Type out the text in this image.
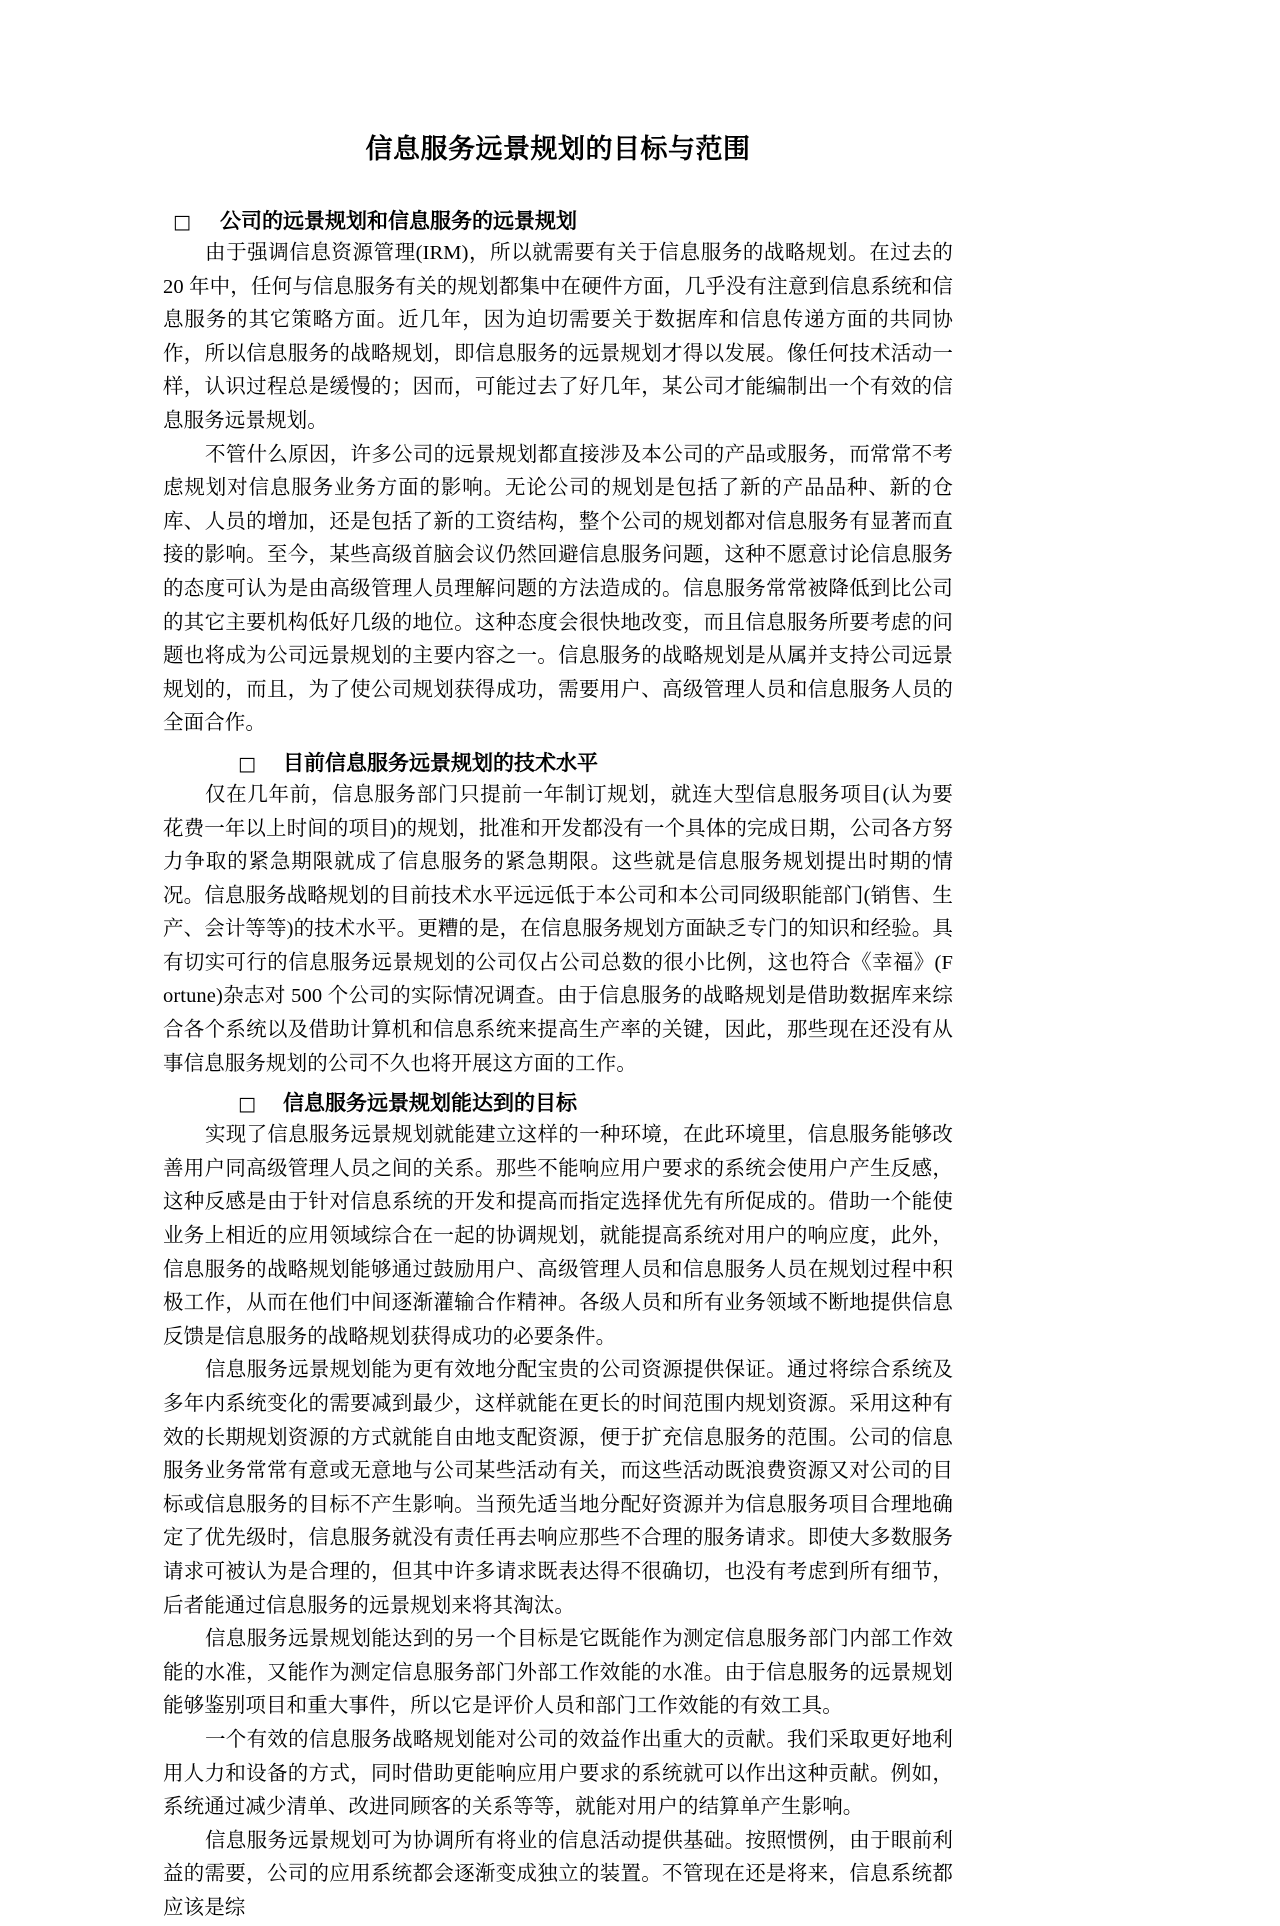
信息服务远景规划的目标与范围
□	公司的远景规划和信息服务的远景规划

由于强调信息资源管理(IRM)，所以就需要有关于信息服务的战略规划。在过去的 20 年中，任何与信息服务有关的规划都集中在硬件方面，几乎没有注意到信息系统和信息服务的其它策略方面。近几年，因为迫切需要关于数据库和信息传递方面的共同协作，所以信息服务的战略规划，即信息服务的远景规划才得以发展。像任何技术活动一样，认识过程总是缓慢的；因而，可能过去了好几年，某公司才能编制出一个有效的信息服务远景规划。

不管什么原因，许多公司的远景规划都直接涉及本公司的产品或服务，而常常不考虑规划对信息服务业务方面的影响。无论公司的规划是包括了新的产品品种、新的仓库、人员的增加，还是包括了新的工资结构，整个公司的规划都对信息服务有显著而直接的影响。至今，某些高级首脑会议仍然回避信息服务问题，这种不愿意讨论信息服务的态度可认为是由高级管理人员理解问题的方法造成的。信息服务常常被降低到比公司的其它主要机构低好几级的地位。这种态度会很快地改变，而且信息服务所要考虑的问题也将成为公司远景规划的主要内容之一。信息服务的战略规划是从属并支持公司远景规划的，而且，为了使公司规划获得成功，需要用户、高级管理人员和信息服务人员的全面合作。

□	目前信息服务远景规划的技术水平

仅在几年前，信息服务部门只提前一年制订规划，就连大型信息服务项目(认为要花费一年以上时间的项目)的规划，批准和开发都没有一个具体的完成日期，公司各方努力争取的紧急期限就成了信息服务的紧急期限。这些就是信息服务规划提出时期的情况。信息服务战略规划的目前技术水平远远低于本公司和本公司同级职能部门(销售、生产、会计等等)的技术水平。更糟的是，在信息服务规划方面缺乏专门的知识和经验。具有切实可行的信息服务远景规划的公司仅占公司总数的很小比例，这也符合《幸福》(Fortune)杂志对 500 个公司的实际情况调查。由于信息服务的战略规划是借助数据库来综合各个系统以及借助计算机和信息系统来提高生产率的关键，因此，那些现在还没有从事信息服务规划的公司不久也将开展这方面的工作。

□	信息服务远景规划能达到的目标

实现了信息服务远景规划就能建立这样的一种环境，在此环境里，信息服务能够改善用户同高级管理人员之间的关系。那些不能响应用户要求的系统会使用户产生反感，这种反感是由于针对信息系统的开发和提高而指定选择优先有所促成的。借助一个能使业务上相近的应用领域综合在一起的协调规划，就能提高系统对用户的响应度，此外，信息服务的战略规划能够通过鼓励用户、高级管理人员和信息服务人员在规划过程中积极工作，从而在他们中间逐渐灌输合作精神。各级人员和所有业务领域不断地提供信息反馈是信息服务的战略规划获得成功的必要条件。

信息服务远景规划能为更有效地分配宝贵的公司资源提供保证。通过将综合系统及多年内系统变化的需要减到最少，这样就能在更长的时间范围内规划资源。采用这种有效的长期规划资源的方式就能自由地支配资源，便于扩充信息服务的范围。公司的信息服务业务常常有意或无意地与公司某些活动有关，而这些活动既浪费资源又对公司的目标或信息服务的目标不产生影响。当预先适当地分配好资源并为信息服务项目合理地确定了优先级时，信息服务就没有责任再去响应那些不合理的服务请求。即使大多数服务请求可被认为是合理的，但其中许多请求既表达得不很确切，也没有考虑到所有细节，后者能通过信息服务的远景规划来将其淘汰。

信息服务远景规划能达到的另一个目标是它既能作为测定信息服务部门内部工作效能的水准，又能作为测定信息服务部门外部工作效能的水准。由于信息服务的远景规划能够鉴别项目和重大事件，所以它是评价人员和部门工作效能的有效工具。

一个有效的信息服务战略规划能对公司的效益作出重大的贡献。我们采取更好地利用人力和设备的方式，同时借助更能响应用户要求的系统就可以作出这种贡献。例如，系统通过减少清单、改进同顾客的关系等等，就能对用户的结算单产生影响。

信息服务远景规划可为协调所有将业的信息活动提供基础。按照惯例，由于眼前利益的需要，公司的应用系统都会逐渐变成独立的装置。不管现在还是将来，信息系统都应该是综
